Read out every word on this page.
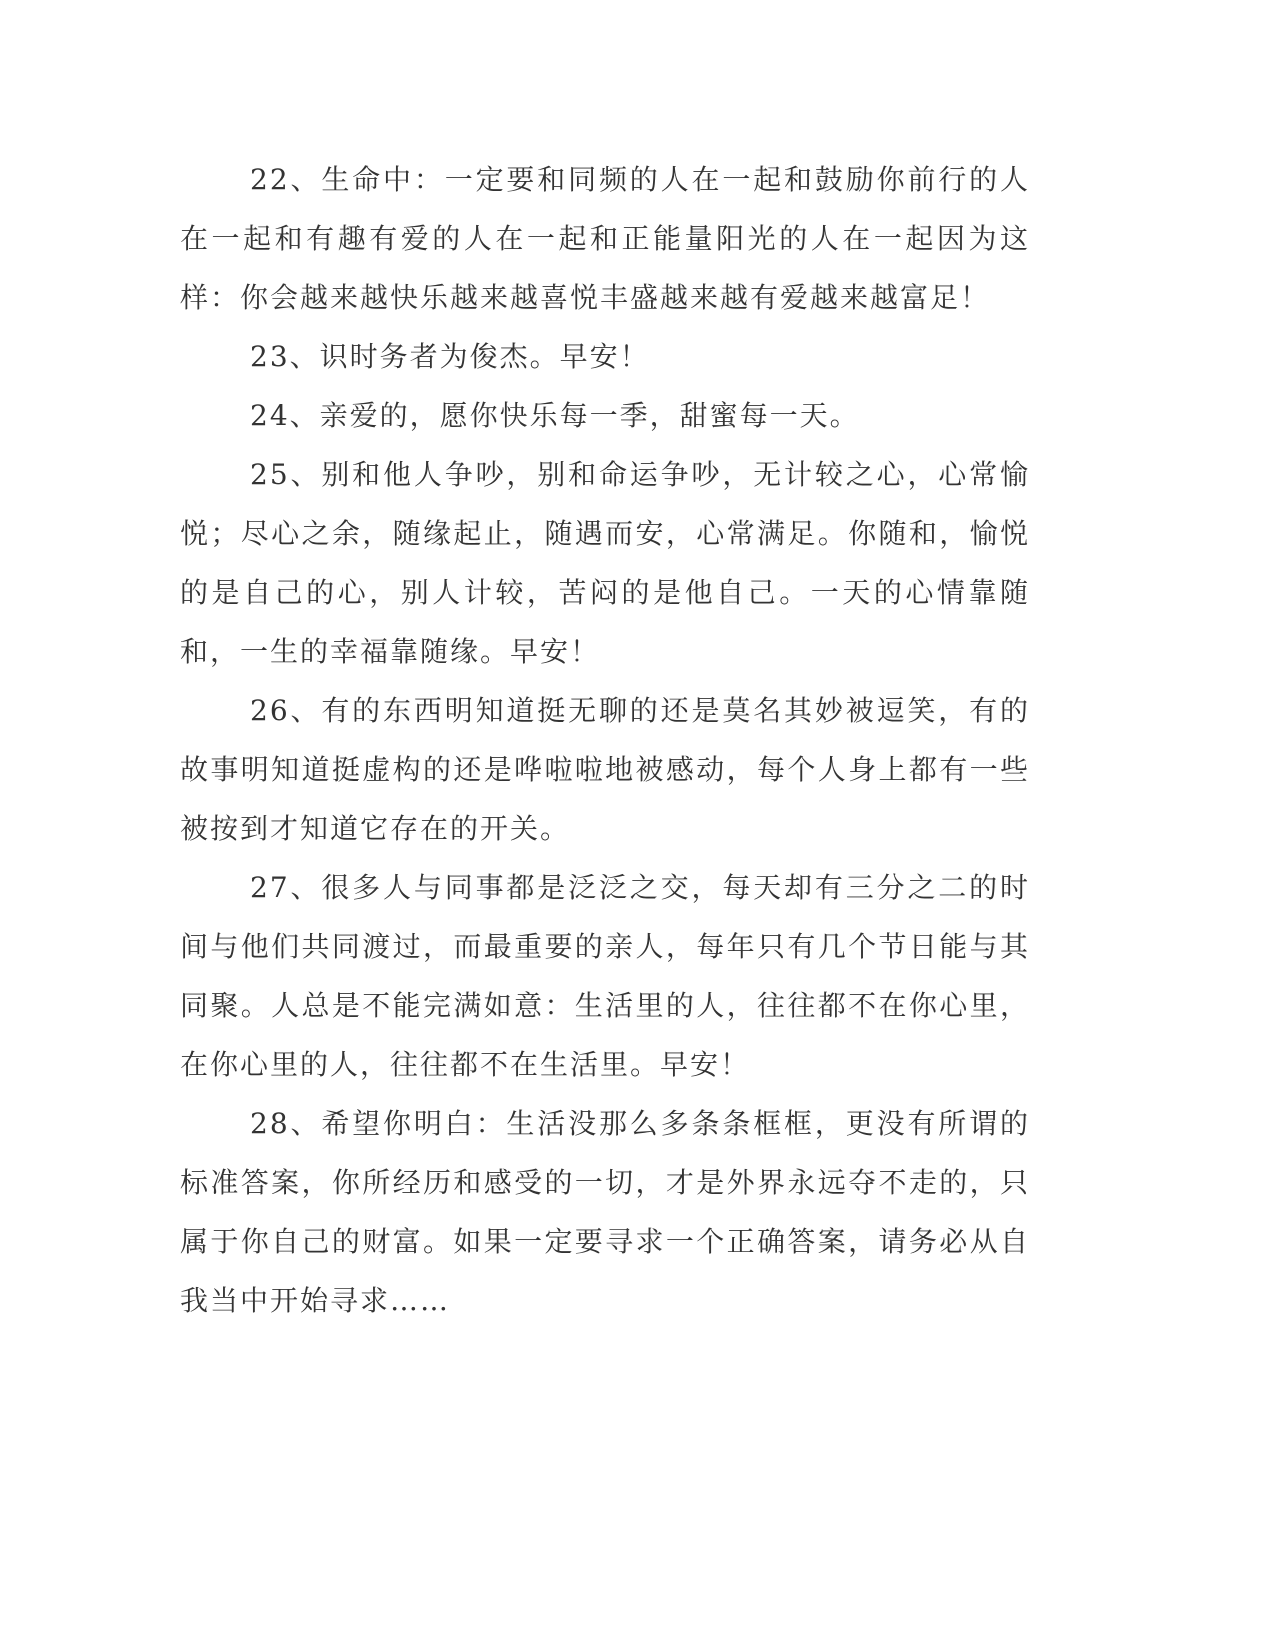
22、生命中：一定要和同频的人在一起和鼓励你前行的人在一起和有趣有爱的人在一起和正能量阳光的人在一起因为这样：你会越来越快乐越来越喜悦丰盛越来越有爱越来越富足！

23、识时务者为俊杰。早安！

24、亲爱的，愿你快乐每一季，甜蜜每一天。

25、别和他人争吵，别和命运争吵，无计较之心，心常愉悦；尽心之余，随缘起止，随遇而安，心常满足。你随和，愉悦的是自己的心，别人计较，苦闷的是他自己。一天的心情靠随和，一生的幸福靠随缘。早安！

26、有的东西明知道挺无聊的还是莫名其妙被逗笑，有的故事明知道挺虚构的还是哗啦啦地被感动，每个人身上都有一些被按到才知道它存在的开关。

27、很多人与同事都是泛泛之交，每天却有三分之二的时间与他们共同渡过，而最重要的亲人，每年只有几个节日能与其同聚。人总是不能完满如意：生活里的人，往往都不在你心里，在你心里的人，往往都不在生活里。早安！

28、希望你明白：生活没那么多条条框框，更没有所谓的标准答案，你所经历和感受的一切，才是外界永远夺不走的，只属于你自己的财富。如果一定要寻求一个正确答案，请务必从自我当中开始寻求……
